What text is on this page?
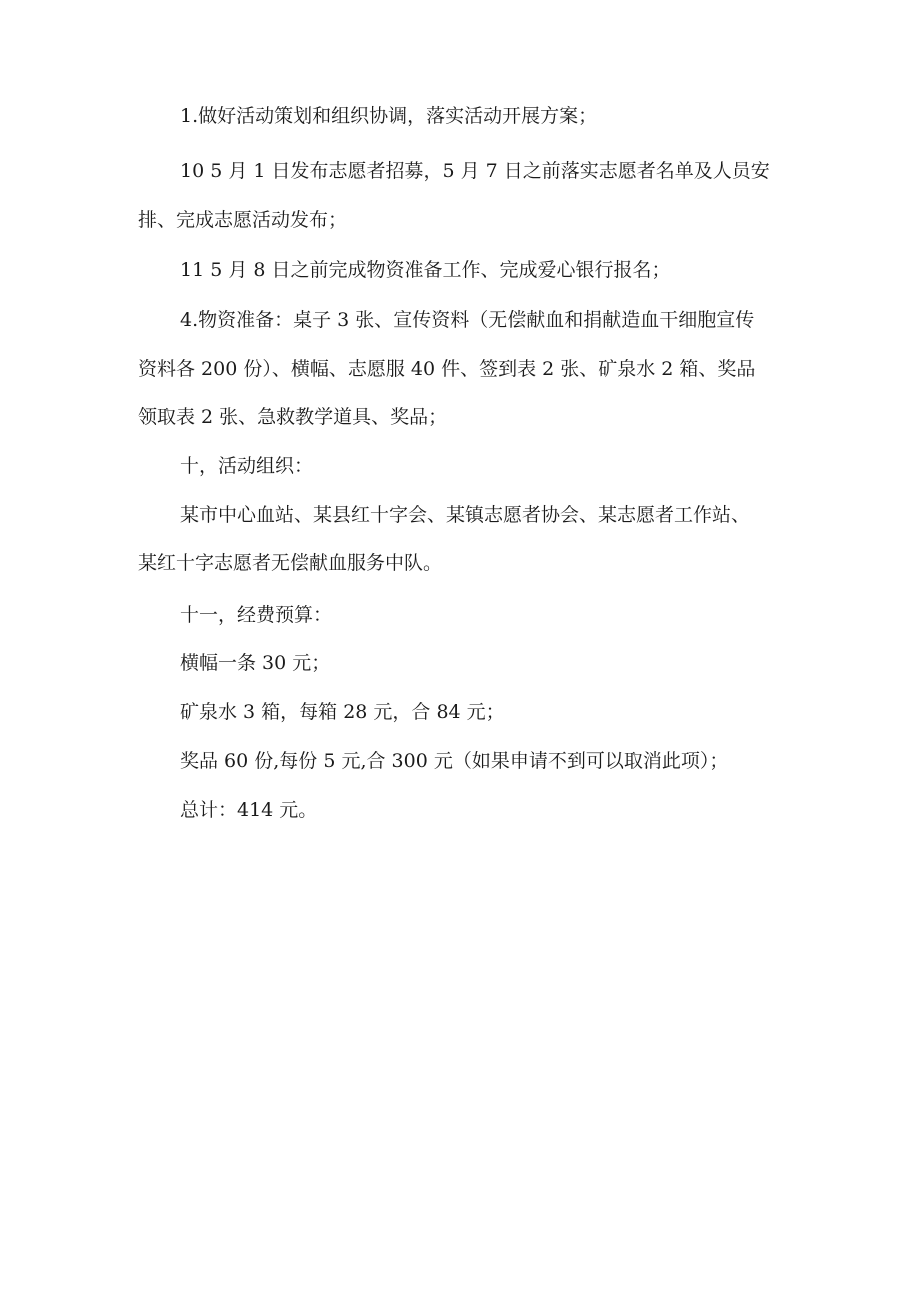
1.做好活动策划和组织协调，落实活动开展方案；

10 5 月 1 日发布志愿者招募，5 月 7 日之前落实志愿者名单及人员安

排、完成志愿活动发布；

11 5 月 8 日之前完成物资准备工作、完成爱心银行报名；

4.物资准备：桌子 3 张、宣传资料（无偿献血和捐献造血干细胞宣传

资料各 200 份）、横幅、志愿服 40 件、签到表 2 张、矿泉水 2 箱、奖品

领取表 2 张、急救教学道具、奖品；

十，活动组织：

某市中心血站、某县红十字会、某镇志愿者协会、某志愿者工作站、

某红十字志愿者无偿献血服务中队。

十一，经费预算：

横幅一条 30 元；

矿泉水 3 箱，每箱 28 元，合 84 元；

奖品 60 份,每份 5 元,合 300 元（如果申请不到可以取消此项）；

总计：414 元。
